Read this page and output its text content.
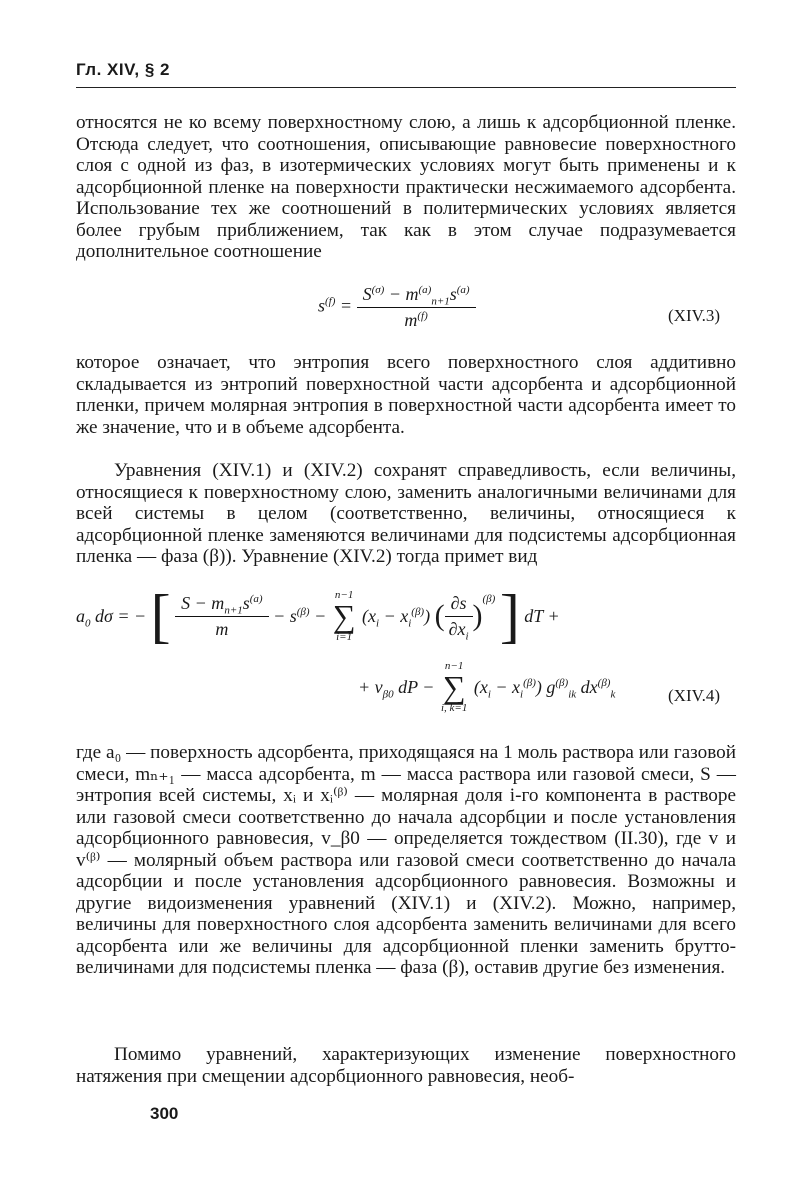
Гл. XIV, § 2
относятся не ко всему поверхностному слою, а лишь к адсорбционной пленке. Отсюда следует, что соотношения, описывающие равновесие поверхностного слоя с одной из фаз, в изотермических условиях могут быть применены и к адсорбционной пленке на поверхности практически несжимаемого адсорбента. Использование тех же соотношений в политермических условиях является более грубым приближением, так как в этом случае подразумевается дополнительное соотношение
$s^{(f)} = \frac{S^{(\sigma)} - m^{(a)}_{n+1}s^{(a)}}{m^{(f)}}$	(XIV.3)
которое означает, что энтропия всего поверхностного слоя аддитивно складывается из энтропий поверхностной части адсорбента и адсорбционной пленки, причем молярная энтропия в поверхностной части адсорбента имеет то же значение, что и в объеме адсорбента.
Уравнения (XIV.1) и (XIV.2) сохранят справедливость, если величины, относящиеся к поверхностному слою, заменить аналогичными величинами для всей системы в целом (соответственно, величины, относящиеся к адсорбционной пленке заменяются величинами для подсистемы адсорбционная пленка — фаза (β)). Уравнение (XIV.2) тогда примет вид
$a_0$ dσ = − [ $\frac{S - m_{n+1}s^{(a)}}{m} - s^{(\beta)}$ −
n−1
∑
i=1
$(x_i - x_i^{(\beta)})$ ( $\frac{\partial s}{\partial x_i} )^{(\beta)}$ ] dT +
+ $v_{\beta 0}$ dP −
n−1
∑
i, k=1
$(x_i - x_i^{(\beta)})$ $g^{(\beta)}_{ik}$ $dx^{(\beta)}_k$	(XIV.4)
где a₀ — поверхность адсорбента, приходящаяся на 1 моль раствора или газовой смеси, mₙ₊₁ — масса адсорбента, m — масса раствора или газовой смеси, S — энтропия всей системы, xᵢ и xᵢ⁽ᵝ⁾ — молярная доля i-го компонента в растворе или газовой смеси соответственно до начала адсорбции и после установления адсорбционного равновесия, v_β0 — определяется тождеством (II.30), где v и v⁽ᵝ⁾ — молярный объем раствора или газовой смеси соответственно до начала адсорбции и после установления адсорбционного равновесия. Возможны и другие видоизменения уравнений (XIV.1) и (XIV.2). Можно, например, величины для поверхностного слоя адсорбента заменить величинами для всего адсорбента или же величины для адсорбционной пленки заменить брутто-величинами для подсистемы пленка — фаза (β), оставив другие без изменения.
Помимо уравнений, характеризующих изменение поверхностного натяжения при смещении адсорбционного равновесия, необ-
300
